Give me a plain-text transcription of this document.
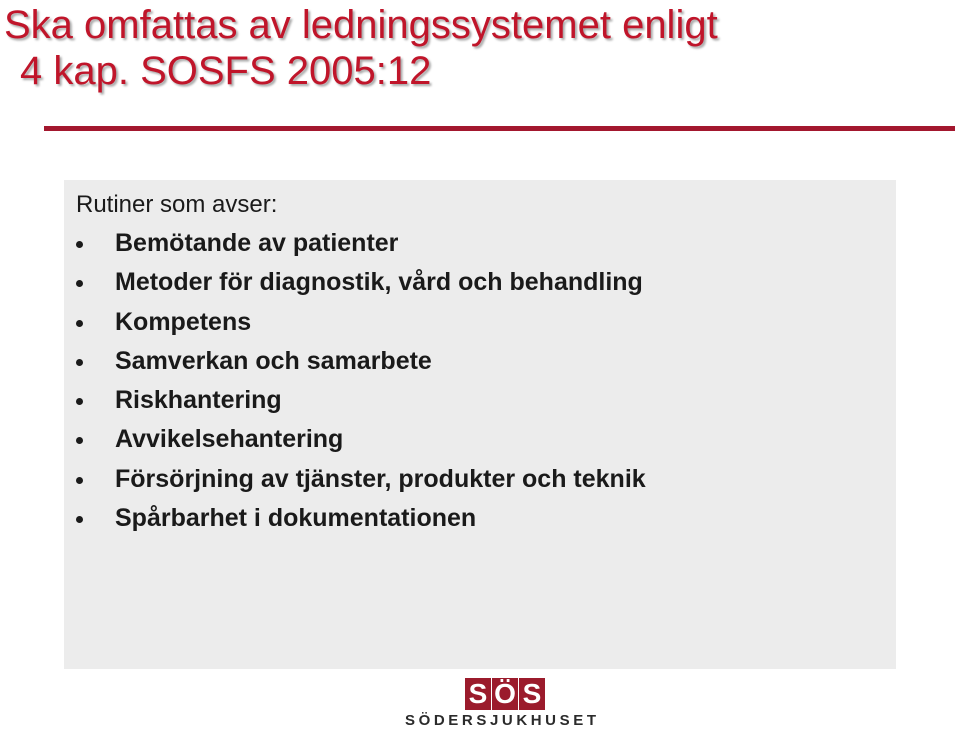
Ska omfattas av ledningssystemet enligt
4 kap. SOSFS 2005:12

Rutiner som avser:

Bemötande av patienter
Metoder för diagnostik, vård och behandling
Kompetens
Samverkan och samarbete
Riskhantering
Avvikelsehantering
Försörjning av tjänster, produkter och teknik
Spårbarhet i dokumentationen
S Ö S
SÖDERSJUKHUSET
